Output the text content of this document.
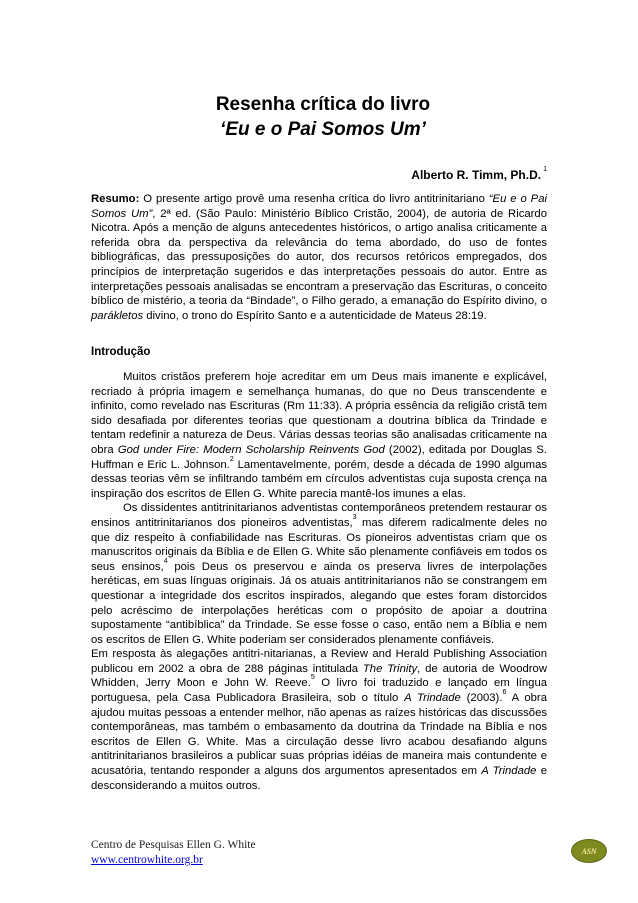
Resenha crítica do livro
‘Eu e o Pai Somos Um’
Alberto R. Timm, Ph.D. $^1$
Resumo: O presente artigo provê uma resenha crítica do livro antitrinitariano “Eu e o Pai Somos Um”, 2ª ed. (São Paulo: Ministério Bíblico Cristão, 2004), de autoria de Ricardo Nicotra. Após a menção de alguns antecedentes históricos, o artigo analisa criticamente a referida obra da perspectiva da relevância do tema abordado, do uso de fontes bibliográficas, das pressuposições do autor, dos recursos retóricos empregados, dos princípios de interpretação sugeridos e das interpretações pessoais do autor. Entre as interpretações pessoais analisadas se encontram a preservação das Escrituras, o conceito bíblico de mistério, a teoria da “Bindade”, o Filho gerado, a emanação do Espírito divino, o parákletos divino, o trono do Espírito Santo e a autenticidade de Mateus 28:19.
Introdução

Muitos cristãos preferem hoje acreditar em um Deus mais imanente e explicável, recriado à própria imagem e semelhança humanas, do que no Deus transcendente e infinito, como revelado nas Escrituras (Rm 11:33). A própria essência da religião cristã tem sido desafiada por diferentes teorias que questionam a doutrina bíblica da Trindade e tentam redefinir a natureza de Deus. Várias dessas teorias são analisadas criticamente na obra God under Fire: Modern Scholarship Reinvents God (2002), editada por Douglas S. Huffman e Eric L. Johnson.$^2$ Lamentavelmente, porém, desde a década de 1990 algumas dessas teorias vêm se infiltrando também em círculos adventistas cuja suposta crença na inspiração dos escritos de Ellen G. White parecia mantê-los imunes a elas.

Os dissidentes antitrinitarianos adventistas contemporâneos pretendem restaurar os ensinos antitrinitarianos dos pioneiros adventistas,$^3$ mas diferem radicalmente deles no que diz respeito à confiabilidade nas Escrituras. Os pioneiros adventistas criam que os manuscritos originais da Bíblia e de Ellen G. White são plenamente confiáveis em todos os seus ensinos,$^4$ pois Deus os preservou e ainda os preserva livres de interpolações heréticas, em suas línguas originais. Já os atuais antitrinitarianos não se constrangem em questionar a integridade dos escritos inspirados, alegando que estes foram distorcidos pelo acréscimo de interpolações heréticas com o propósito de apoiar a doutrina supostamente “antibíblica” da Trindade. Se esse fosse o caso, então nem a Bíblia e nem os escritos de Ellen G. White poderiam ser considerados plenamente confiáveis.

Em resposta às alegações antitri-nitarianas, a Review and Herald Publishing Association publicou em 2002 a obra de 288 páginas intitulada The Trinity, de autoria de Woodrow Whidden, Jerry Moon e John W. Reeve.$^5$ O livro foi traduzido e lançado em língua portuguesa, pela Casa Publicadora Brasileira, sob o título A Trindade (2003).$^6$ A obra ajudou muitas pessoas a entender melhor, não apenas as raízes históricas das discussões contemporâneas, mas também o embasamento da doutrina da Trindade na Bíblia e nos escritos de Ellen G. White. Mas a circulação desse livro acabou desafiando alguns antitrinitarianos brasileiros a publicar suas próprias idéias de maneira mais contundente e acusatória, tentando responder a alguns dos argumentos apresentados em A Trindade e desconsiderando a muitos outros.

Centro de Pesquisas Ellen G. White
www.centrowhite.org.br
ASN
